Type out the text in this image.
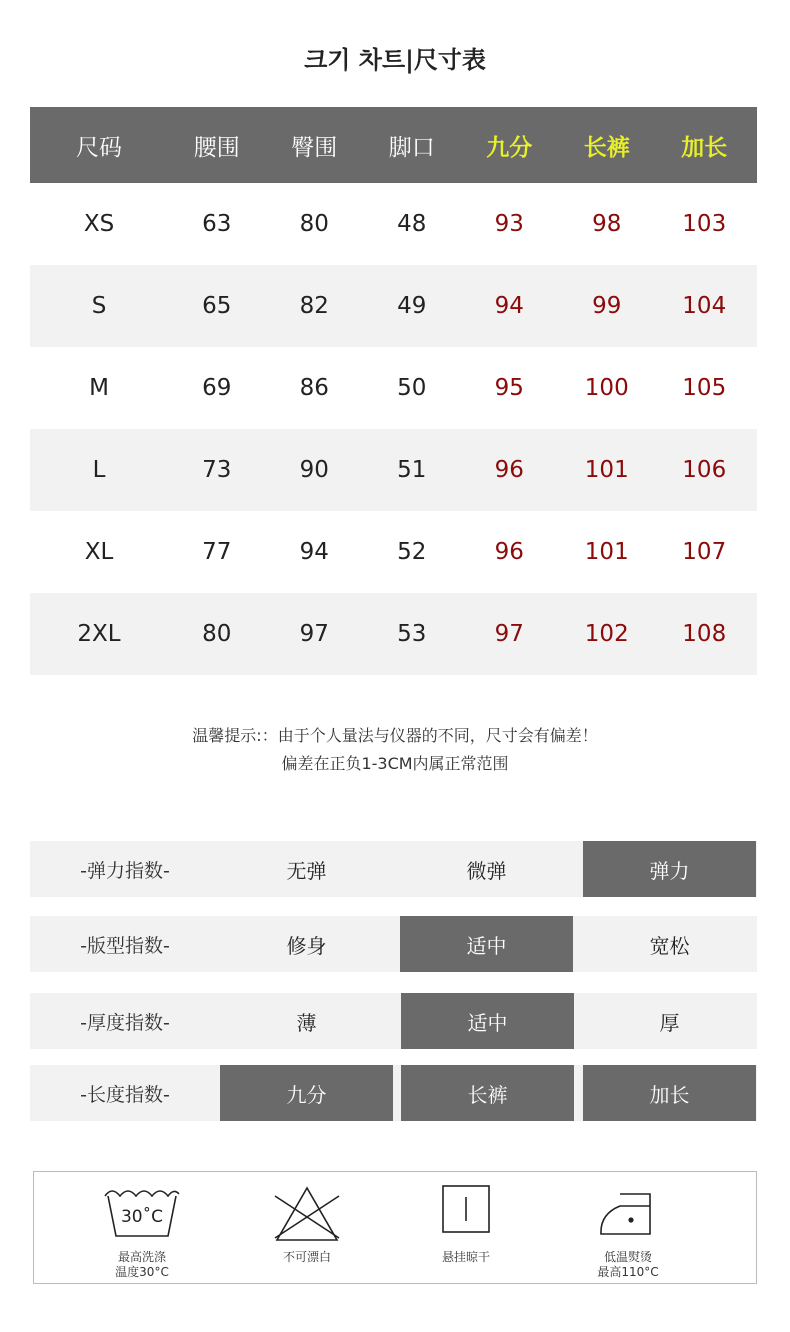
크기 차트|尺寸表
尺码	腰围	臀围	脚口	九分	长裤	加长
XS	63	80	48	93	98	103
S	65	82	49	94	99	104
M	69	86	50	95	100	105
L	73	90	51	96	101	106
XL	77	94	52	96	101	107
2XL	80	97	53	97	102	108
温馨提示:：由于个人量法与仪器的不同，尺寸会有偏差！
偏差在正负1-3CM内属正常范围
-弹力指数-	无弹	微弹	弹力
-版型指数-	修身	适中	宽松
-厚度指数-	薄	适中	厚
-长度指数-	九分	长裤	加长
30˚C
最高洗涤
温度30°C
不可漂白	悬挂晾干	低温熨烫
最高110°C
